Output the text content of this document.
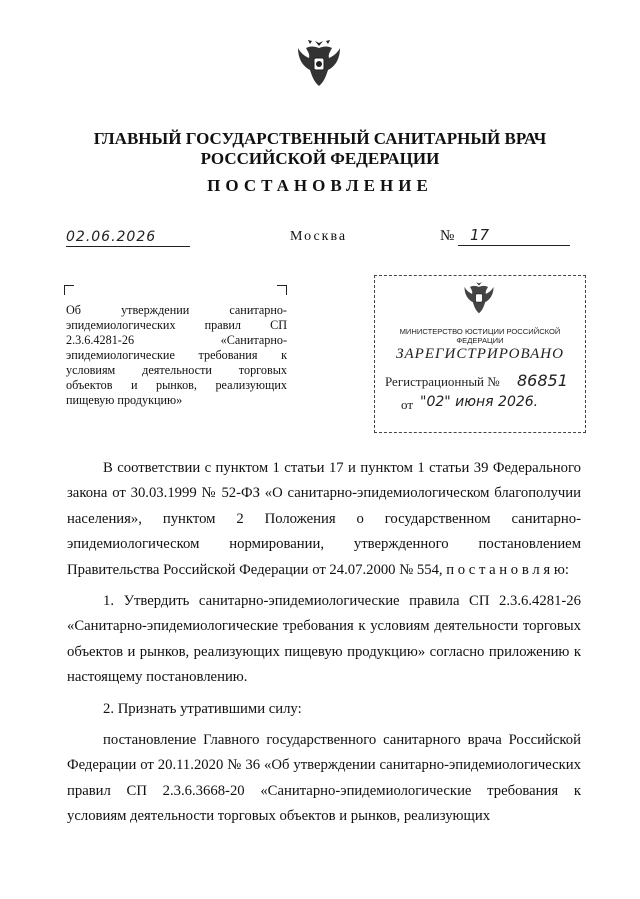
ГЛАВНЫЙ ГОСУДАРСТВЕННЫЙ САНИТАРНЫЙ ВРАЧ
РОССИЙСКОЙ ФЕДЕРАЦИИ
ПОСТАНОВЛЕНИЕ
02.06.2026	Москва	№ 17
Об утверждении санитарно-эпидемиологических правил СП 2.3.6.4281-26 «Санитарно-эпидемиологические требования к условиям деятельности торговых объектов и рынков, реализующих пищевую продукцию»
МИНИСТЕРСТВО ЮСТИЦИИ РОССИЙСКОЙ ФЕДЕРАЦИИ
ЗАРЕГИСТРИРОВАНО
Регистрационный № 86851
от "02" июня 2026.

В соответствии с пунктом 1 статьи 17 и пунктом 1 статьи 39 Федерального закона от 30.03.1999 № 52-ФЗ «О санитарно-эпидемиологическом благополучии населения», пунктом 2 Положения о государственном санитарно-эпидемиологическом нормировании, утвержденного постановлением Правительства Российской Федерации от 24.07.2000 № 554, п о с т а н о в л я ю:

1. Утвердить санитарно-эпидемиологические правила СП 2.3.6.4281-26 «Санитарно-эпидемиологические требования к условиям деятельности торговых объектов и рынков, реализующих пищевую продукцию» согласно приложению к настоящему постановлению.

2. Признать утратившими силу:

постановление Главного государственного санитарного врача Российской Федерации от 20.11.2020 № 36 «Об утверждении санитарно-эпидемиологических правил СП 2.3.6.3668-20 «Санитарно-эпидемиологические требования к условиям деятельности торговых объектов и рынков, реализующих
